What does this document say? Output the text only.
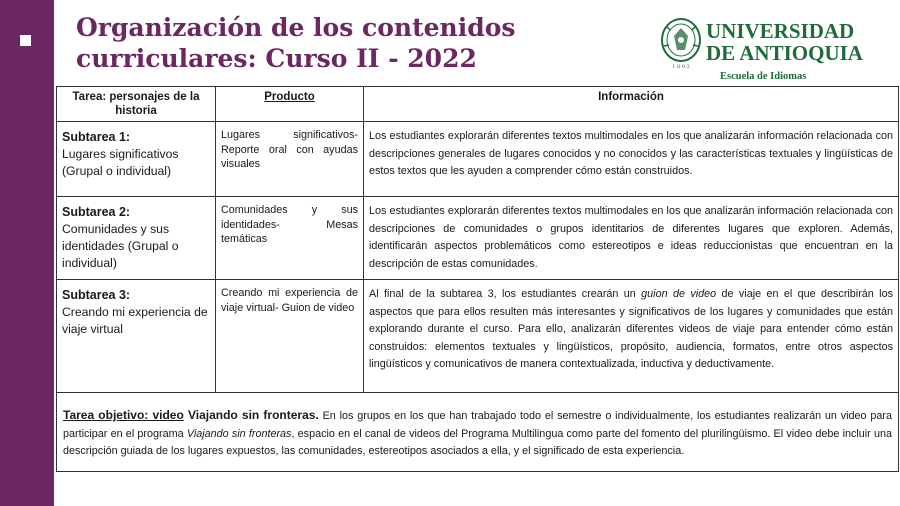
Organización de los contenidos curriculares: Curso II - 2022	1 8 0 3
UNIVERSIDAD
DE ANTIOQUIA
Escuela de Idiomas
Tarea: personajes de la historia	Producto	Información

Subtarea 1:
Lugares significativos (Grupal o individual)	Lugares significativos- Reporte oral con ayudas visuales	Los estudiantes explorarán diferentes textos multimodales en los que analizarán información relacionada con descripciones generales de lugares conocidos y no conocidos y las características textuales y lingüísticas de estos textos que les ayuden a comprender cómo están construidos.

Subtarea 2:
Comunidades y sus identidades (Grupal o individual)	Comunidades y sus identidades- Mesas temáticas	Los estudiantes explorarán diferentes textos multimodales en los que analizarán información relacionada con descripciones de comunidades o grupos identitarios de diferentes lugares que exploren. Además, identificarán aspectos problemáticos como estereotipos e ideas reduccionistas que encuentran en la descripción de estas comunidades.

Subtarea 3:
Creando mi experiencia de viaje virtual	Creando mi experiencia de viaje virtual- Guion de video	Al final de la subtarea 3, los estudiantes crearán un guion de video de viaje en el que describirán los aspectos que para ellos resulten más interesantes y significativos de los lugares y comunidades que están explorando durante el curso. Para ello, analizarán diferentes videos de viaje para entender cómo están construidos: elementos textuales y lingüísticos, propósito, audiencia, formatos, entre otros aspectos lingüísticos y comunicativos de manera contextualizada, inductiva y deductivamente.
Tarea objetivo: video Viajando sin fronteras. En los grupos en los que han trabajado todo el semestre o individualmente, los estudiantes realizarán un video para participar en el programa Viajando sin fronteras, espacio en el canal de videos del Programa Multilingua como parte del fomento del plurilingüismo. El video debe incluir una descripción guiada de los lugares expuestos, las comunidades, estereotipos asociados a ella, y el significado de esta experiencia.		
